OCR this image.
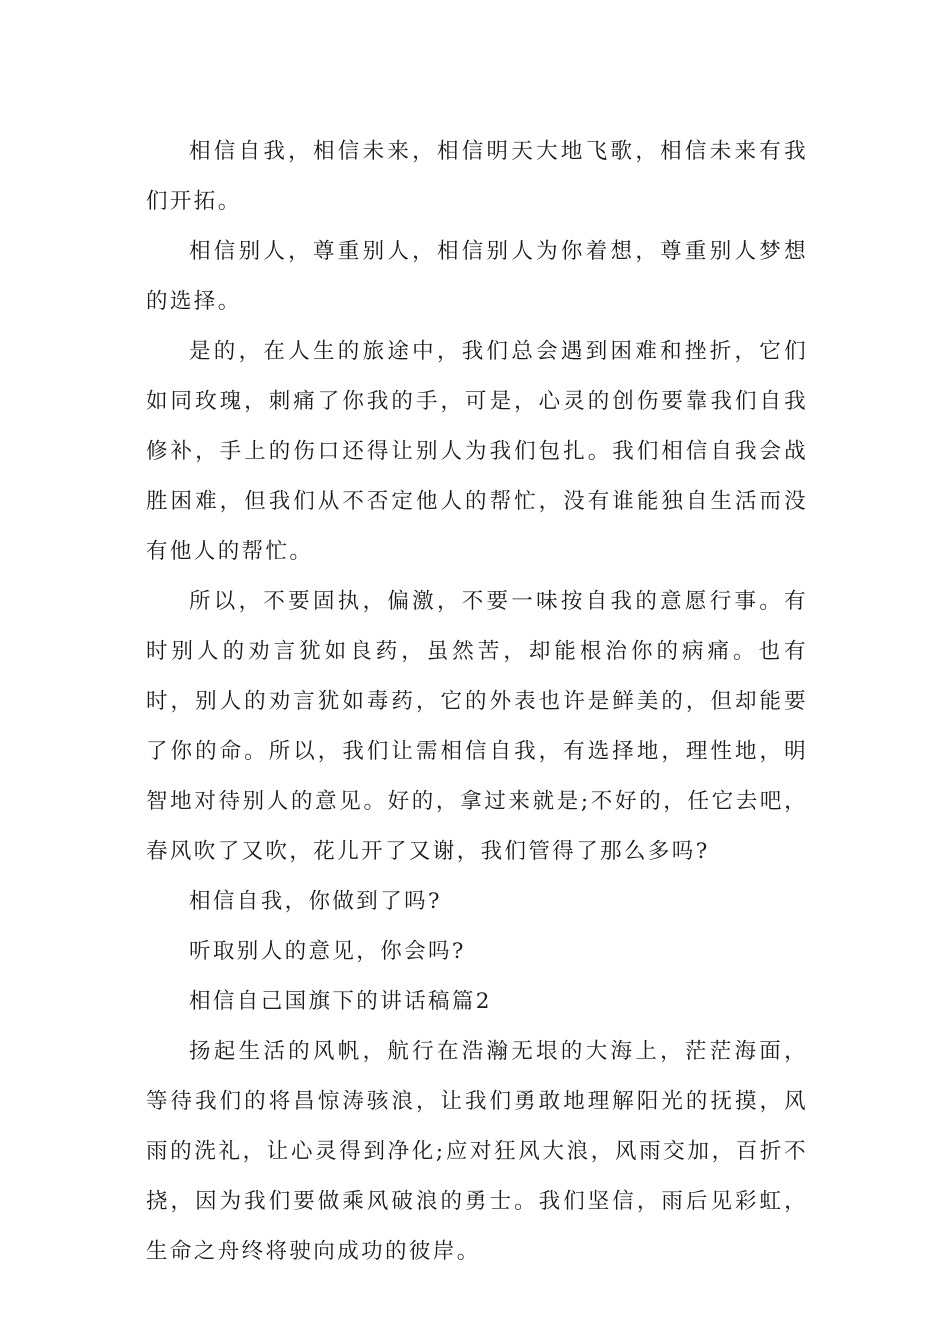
相信自我，相信未来，相信明天大地飞歌，相信未来有我们开拓。

相信别人，尊重别人，相信别人为你着想，尊重别人梦想的选择。

是的，在人生的旅途中，我们总会遇到困难和挫折，它们如同玫瑰，刺痛了你我的手，可是，心灵的创伤要靠我们自我修补，手上的伤口还得让别人为我们包扎。我们相信自我会战胜困难，但我们从不否定他人的帮忙，没有谁能独自生活而没有他人的帮忙。

所以，不要固执，偏激，不要一味按自我的意愿行事。有时别人的劝言犹如良药，虽然苦，却能根治你的病痛。也有时，别人的劝言犹如毒药，它的外表也许是鲜美的，但却能要了你的命。所以，我们让需相信自我，有选择地，理性地，明智地对待别人的意见。好的，拿过来就是;不好的，任它去吧，春风吹了又吹，花儿开了又谢，我们管得了那么多吗?

相信自我，你做到了吗?

听取别人的意见，你会吗?

相信自己国旗下的讲话稿篇2

扬起生活的风帆，航行在浩瀚无垠的大海上，茫茫海面，等待我们的将昌惊涛骇浪，让我们勇敢地理解阳光的抚摸，风雨的洗礼，让心灵得到净化;应对狂风大浪，风雨交加，百折不挠，因为我们要做乘风破浪的勇士。我们坚信，雨后见彩虹，生命之舟终将驶向成功的彼岸。
